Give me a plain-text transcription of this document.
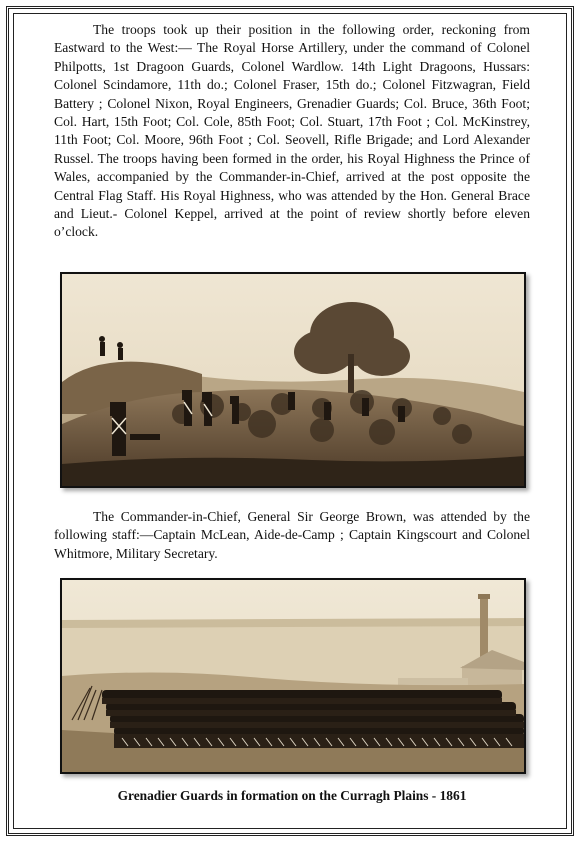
The troops took up their position in the following order, reckoning from Eastward to the West:— The Royal Horse Artillery, under the command of Colonel Philpotts, 1st Dragoon Guards, Colonel Wardlow. 14th Light Dragoons, Hussars: Colonel Scindamore, 11th do.; Colonel Fraser, 15th do.; Colonel Fitzwagran, Field Battery ; Colonel Nixon, Royal Engineers, Grenadier Guards; Col. Bruce, 36th Foot; Col. Hart, 15th Foot; Col. Cole, 85th Foot; Col. Stuart, 17th Foot ; Col. McKinstrey, 11th Foot; Col. Moore, 96th Foot ; Col. Seovell, Rifle Brigade; and Lord Alexander Russel. The troops having been formed in the order, his Royal Highness the Prince of Wales, accompanied by the Commander-in-Chief, arrived at the post opposite the Central Flag Staff. His Royal Highness, who was attended by the Hon. General Brace and Lieut.- Colonel Keppel, arrived at the point of review shortly before eleven o’clock.

The Commander-in-Chief, General Sir George Brown, was attended by the following staff:—Captain McLean, Aide-de-Camp ; Captain Kingscourt and Colonel Whitmore, Military Secretary.

Grenadier Guards in formation on the Curragh Plains - 1861
